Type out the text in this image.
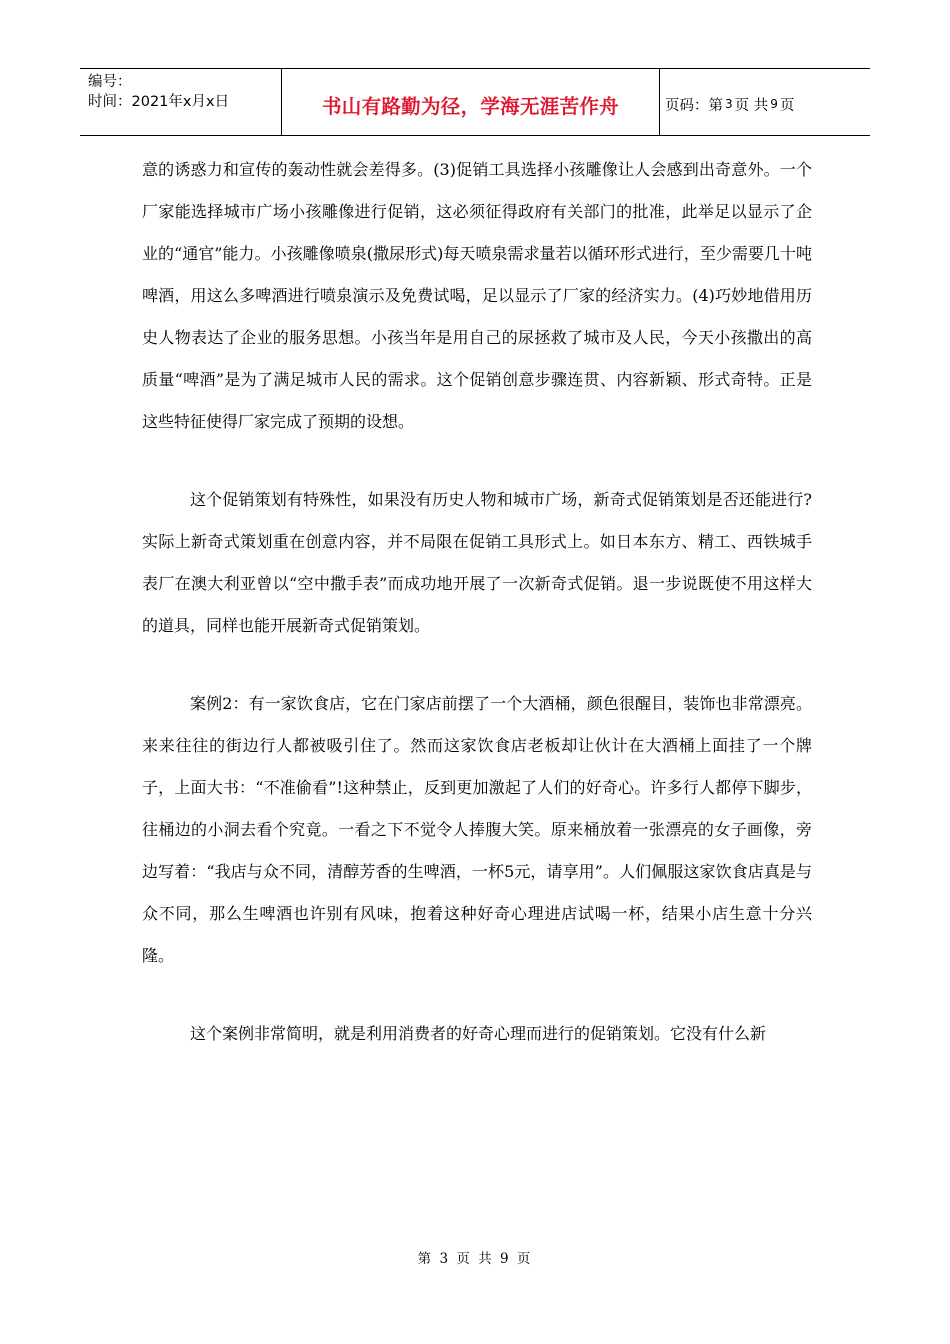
编号：
时间：2021年x月x日	书山有路勤为径，学海无涯苦作舟	页码：第 3 页 共 9 页

意的诱惑力和宣传的轰动性就会差得多。(3)促销工具选择小孩雕像让人会感到出奇意外。一个厂家能选择城市广场小孩雕像进行促销，这必须征得政府有关部门的批准，此举足以显示了企业的“通官”能力。小孩雕像喷泉(撒尿形式)每天喷泉需求量若以循环形式进行，至少需要几十吨啤酒，用这么多啤酒进行喷泉演示及免费试喝，足以显示了厂家的经济实力。(4)巧妙地借用历史人物表达了企业的服务思想。小孩当年是用自己的尿拯救了城市及人民，今天小孩撒出的高质量“啤酒”是为了满足城市人民的需求。这个促销创意步骤连贯、内容新颖、形式奇特。正是这些特征使得厂家完成了预期的设想。

这个促销策划有特殊性，如果没有历史人物和城市广场，新奇式促销策划是否还能进行?实际上新奇式策划重在创意内容，并不局限在促销工具形式上。如日本东方、精工、西铁城手表厂在澳大利亚曾以“空中撒手表”而成功地开展了一次新奇式促销。退一步说既使不用这样大的道具，同样也能开展新奇式促销策划。

案例2：有一家饮食店，它在门家店前摆了一个大酒桶，颜色很醒目，装饰也非常漂亮。来来往往的街边行人都被吸引住了。然而这家饮食店老板却让伙计在大酒桶上面挂了一个牌子，上面大书：“不准偷看”!这种禁止，反到更加激起了人们的好奇心。许多行人都停下脚步，往桶边的小洞去看个究竟。一看之下不觉令人捧腹大笑。原来桶放着一张漂亮的女子画像，旁边写着：“我店与众不同，清醇芳香的生啤酒，一杯5元，请享用”。人们佩服这家饮食店真是与众不同，那么生啤酒也许别有风味，抱着这种好奇心理进店试喝一杯，结果小店生意十分兴隆。

这个案例非常简明，就是利用消费者的好奇心理而进行的促销策划。它没有什么新

第 3 页 共 9 页
